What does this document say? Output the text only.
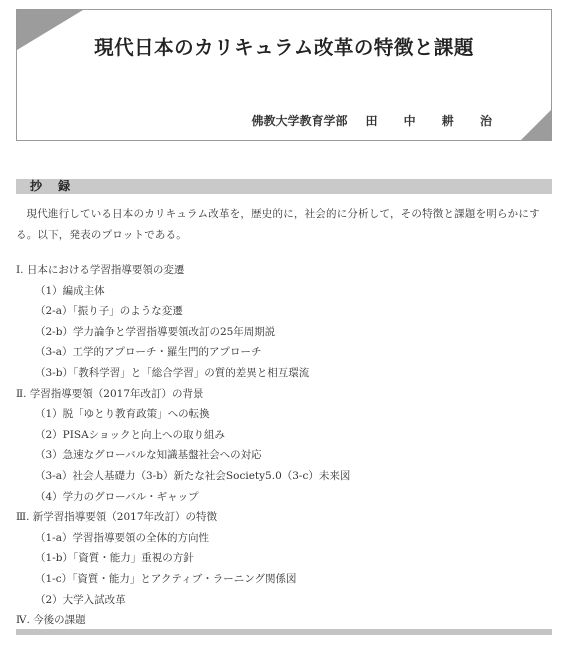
現代日本のカリキュラム改革の特徴と課題
佛教大学教育学部 田 中 耕 治
抄 録
現代進行している日本のカリキュラム改革を，歴史的に，社会的に分析して，その特徴と課題を明らかにする。以下，発表のプロットである。
Ⅰ. 日本における学習指導要領の変遷
（1）編成主体
（2-a）「振り子」のような変遷
（2-b）学力論争と学習指導要領改訂の25年周期説
（3-a）工学的アプローチ・羅生門的アプローチ
（3-b）「教科学習」と「総合学習」の質的差異と相互環流
Ⅱ. 学習指導要領（2017年改訂）の背景
（1）脱「ゆとり教育政策」への転換
（2）PISAショックと向上への取り組み
（3）急速なグローバルな知識基盤社会への対応
（3-a）社会人基礎力（3-b）新たな社会Society5.0（3-c）未来図
（4）学力のグローバル・ギャップ
Ⅲ. 新学習指導要領（2017年改訂）の特徴
（1-a）学習指導要領の全体的方向性
（1-b）「資質・能力」重視の方針
（1-c）「資質・能力」とアクティブ・ラーニング関係図
（2）大学入試改革
Ⅳ. 今後の課題
